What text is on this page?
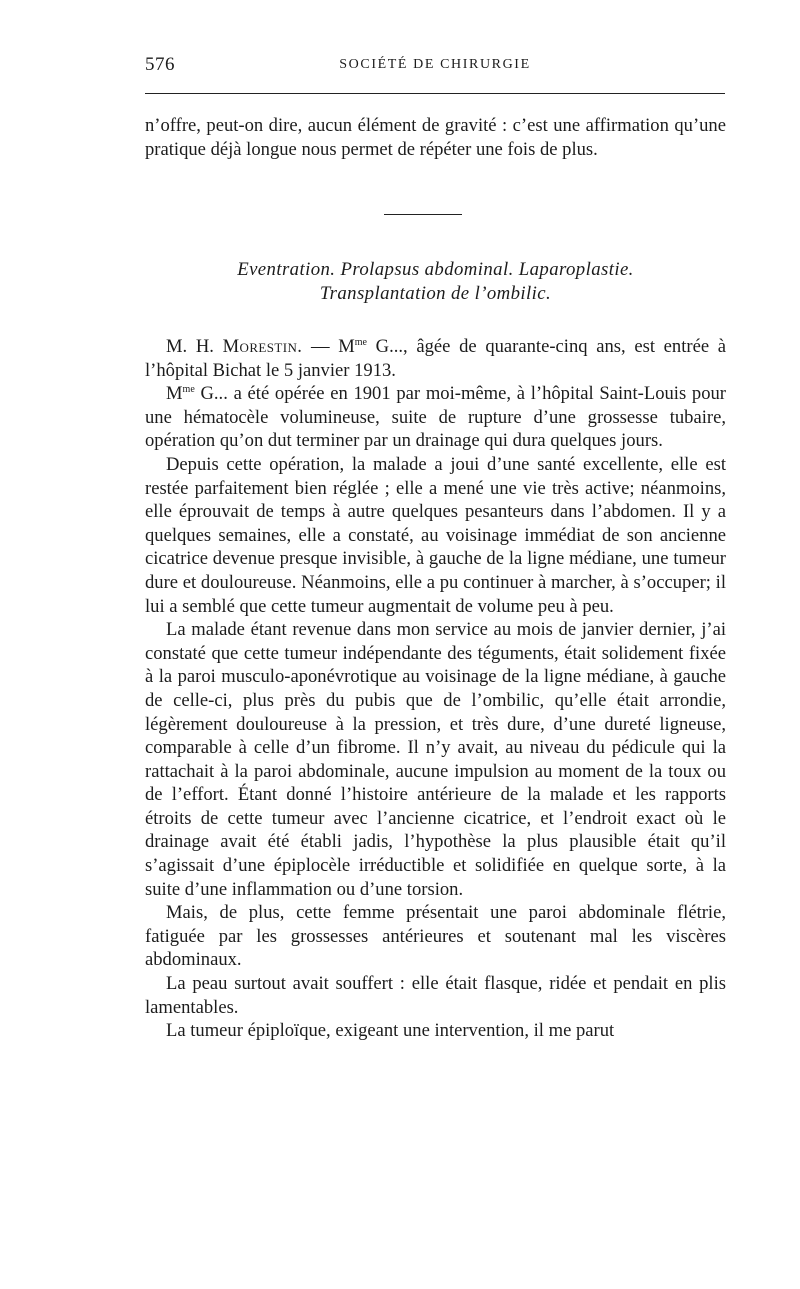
576	SOCIÉTÉ DE CHIRURGIE

n’offre, peut-on dire, aucun élément de gravité : c’est une affirmation qu’une pratique déjà longue nous permet de répéter une fois de plus.

Eventration. Prolapsus abdominal. Laparoplastie.
Transplantation de l’ombilic.

M. H. Morestin. — $M^{me}$ G..., âgée de quarante-cinq ans, est entrée à l’hôpital Bichat le 5 janvier 1913.

$M^{me}$ G... a été opérée en 1901 par moi-même, à l’hôpital Saint-Louis pour une hématocèle volumineuse, suite de rupture d’une grossesse tubaire, opération qu’on dut terminer par un drainage qui dura quelques jours.

Depuis cette opération, la malade a joui d’une santé excellente, elle est restée parfaitement bien réglée ; elle a mené une vie très active; néanmoins, elle éprouvait de temps à autre quelques pesanteurs dans l’abdomen. Il y a quelques semaines, elle a constaté, au voisinage immédiat de son ancienne cicatrice devenue presque invisible, à gauche de la ligne médiane, une tumeur dure et douloureuse. Néanmoins, elle a pu continuer à marcher, à s’occuper; il lui a semblé que cette tumeur augmentait de volume peu à peu.

La malade étant revenue dans mon service au mois de janvier dernier, j’ai constaté que cette tumeur indépendante des téguments, était solidement fixée à la paroi musculo-aponévrotique au voisinage de la ligne médiane, à gauche de celle-ci, plus près du pubis que de l’ombilic, qu’elle était arrondie, légèrement douloureuse à la pression, et très dure, d’une dureté ligneuse, comparable à celle d’un fibrome. Il n’y avait, au niveau du pédicule qui la rattachait à la paroi abdominale, aucune impulsion au moment de la toux ou de l’effort. Étant donné l’histoire antérieure de la malade et les rapports étroits de cette tumeur avec l’ancienne cicatrice, et l’endroit exact où le drainage avait été établi jadis, l’hypothèse la plus plausible était qu’il s’agissait d’une épiplocèle irréductible et solidifiée en quelque sorte, à la suite d’une inflammation ou d’une torsion.

Mais, de plus, cette femme présentait une paroi abdominale flétrie, fatiguée par les grossesses antérieures et soutenant mal les viscères abdominaux.

La peau surtout avait souffert : elle était flasque, ridée et pendait en plis lamentables.

La tumeur épiploïque, exigeant une intervention, il me parut
